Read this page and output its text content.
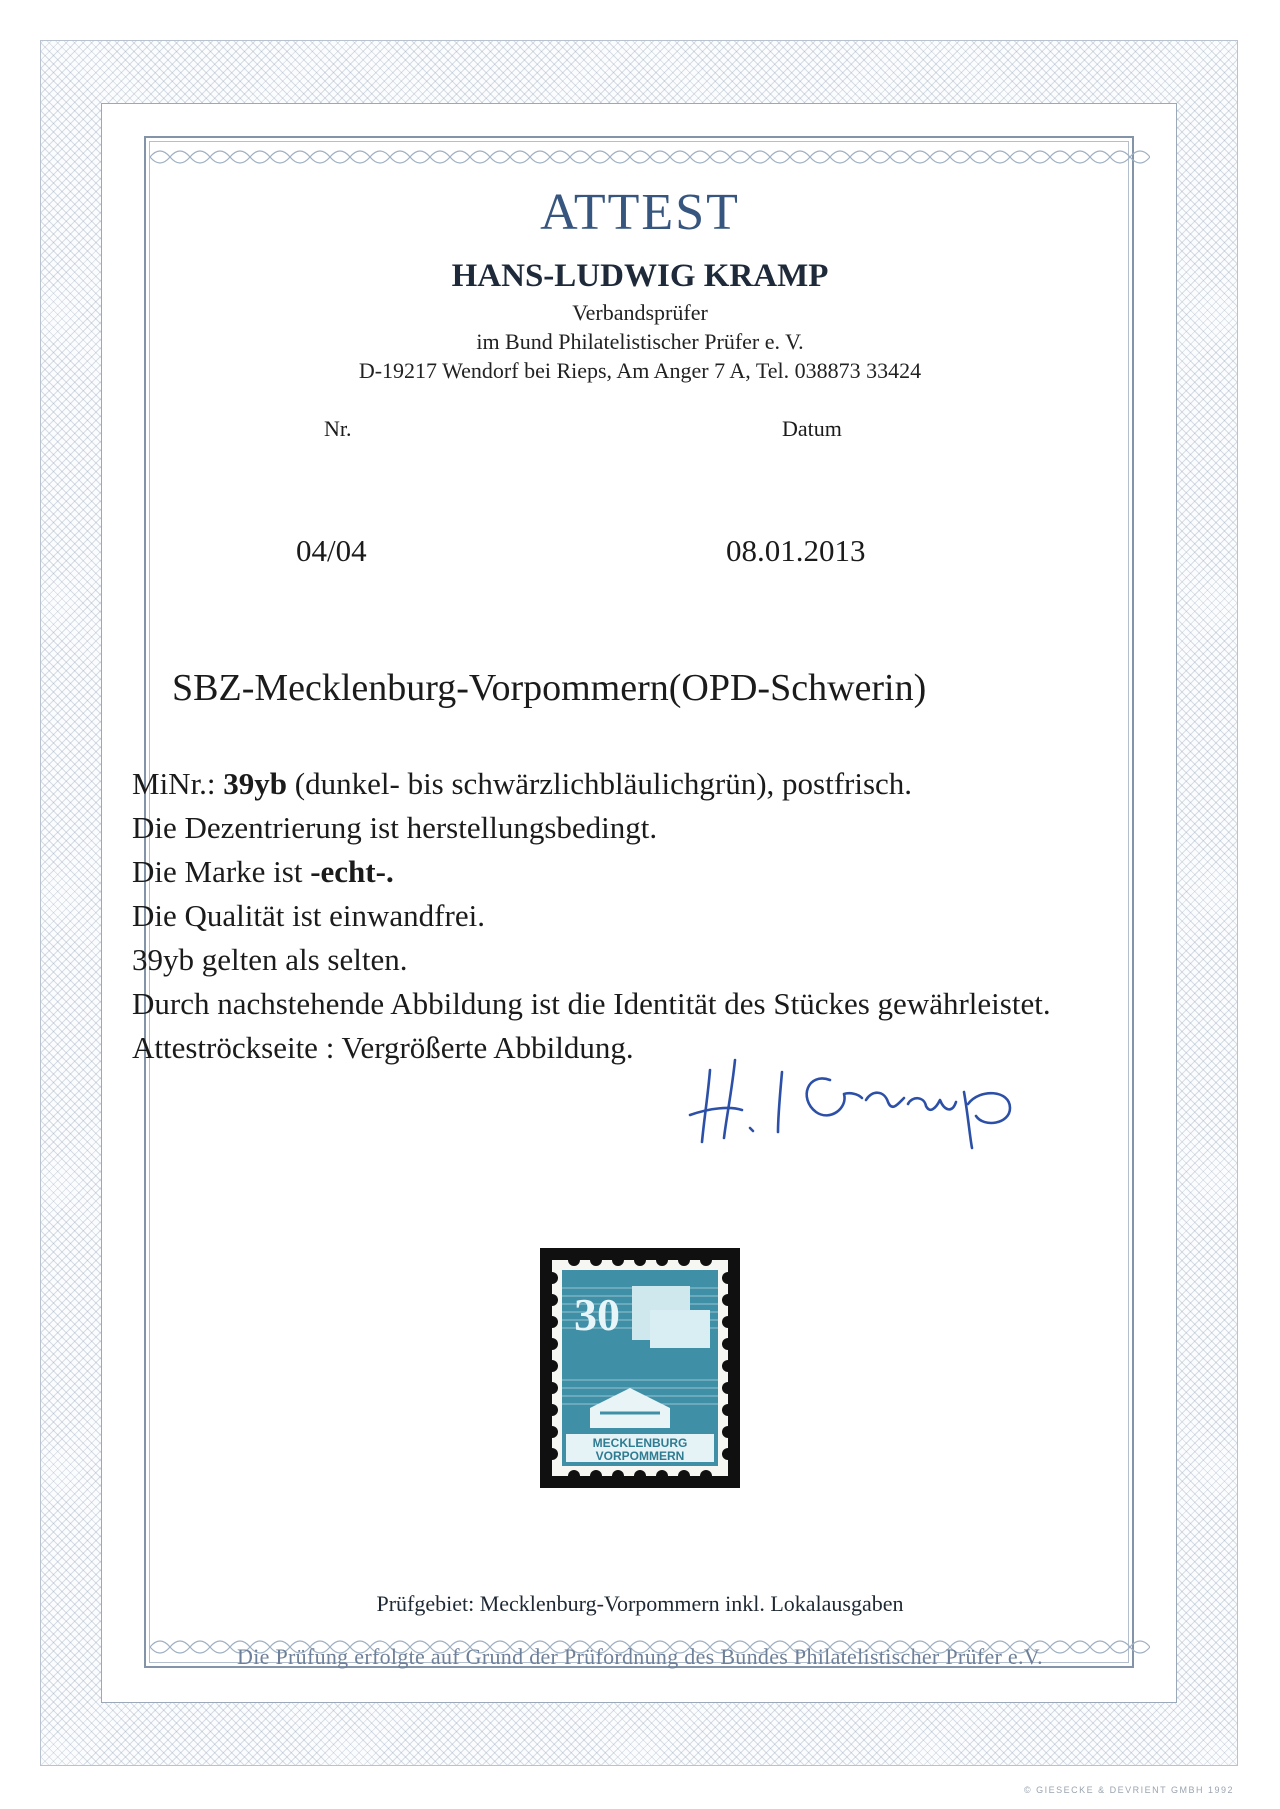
ATTEST
HANS-LUDWIG KRAMP
Verbandsprüfer
im Bund Philatelistischer Prüfer e. V.
D-19217 Wendorf bei Rieps, Am Anger 7 A, Tel. 038873 33424
Nr.	Datum
04/04	08.01.2013
SBZ-Mecklenburg-Vorpommern(OPD-Schwerin)
MiNr.: 39yb (dunkel- bis schwärzlichbläulichgrün), postfrisch.
Die Dezentrierung ist herstellungsbedingt.
Die Marke ist -echt-.
Die Qualität ist einwandfrei.
39yb gelten als selten.
Durch nachstehende Abbildung ist die Identität des Stückes gewährleistet.
Atteströckseite : Vergrößerte Abbildung.
30
MECKLENBURG
VORPOMMERN
Prüfgebiet: Mecklenburg-Vorpommern inkl. Lokalausgaben
Die Prüfung erfolgte auf Grund der Prüfordnung des Bundes Philatelistischer Prüfer e.V.
© GIESECKE & DEVRIENT GMBH 1992
